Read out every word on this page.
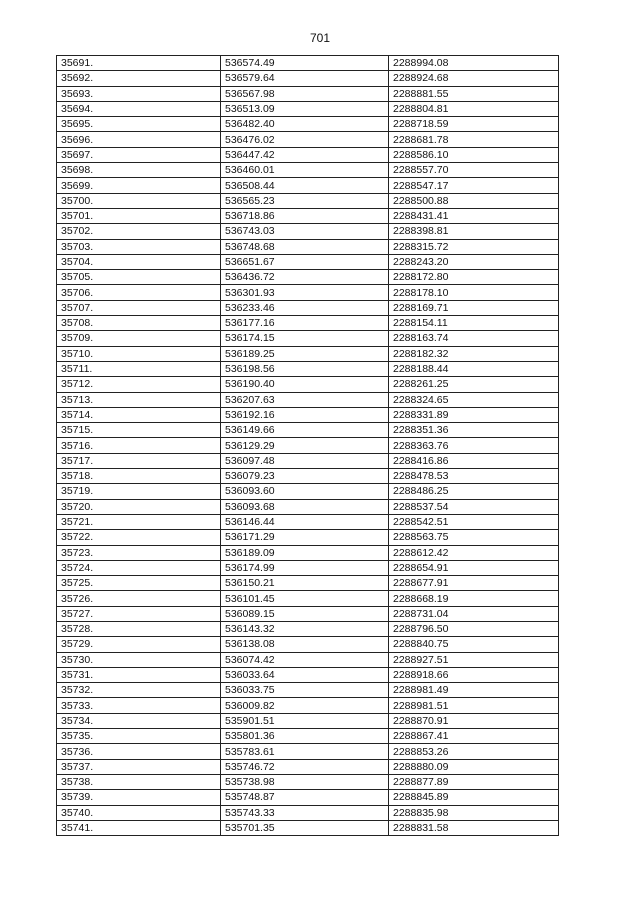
701
35691.	536574.49	2288994.08
35692.	536579.64	2288924.68
35693.	536567.98	2288881.55
35694.	536513.09	2288804.81
35695.	536482.40	2288718.59
35696.	536476.02	2288681.78
35697.	536447.42	2288586.10
35698.	536460.01	2288557.70
35699.	536508.44	2288547.17
35700.	536565.23	2288500.88
35701.	536718.86	2288431.41
35702.	536743.03	2288398.81
35703.	536748.68	2288315.72
35704.	536651.67	2288243.20
35705.	536436.72	2288172.80
35706.	536301.93	2288178.10
35707.	536233.46	2288169.71
35708.	536177.16	2288154.11
35709.	536174.15	2288163.74
35710.	536189.25	2288182.32
35711.	536198.56	2288188.44
35712.	536190.40	2288261.25
35713.	536207.63	2288324.65
35714.	536192.16	2288331.89
35715.	536149.66	2288351.36
35716.	536129.29	2288363.76
35717.	536097.48	2288416.86
35718.	536079.23	2288478.53
35719.	536093.60	2288486.25
35720.	536093.68	2288537.54
35721.	536146.44	2288542.51
35722.	536171.29	2288563.75
35723.	536189.09	2288612.42
35724.	536174.99	2288654.91
35725.	536150.21	2288677.91
35726.	536101.45	2288668.19
35727.	536089.15	2288731.04
35728.	536143.32	2288796.50
35729.	536138.08	2288840.75
35730.	536074.42	2288927.51
35731.	536033.64	2288918.66
35732.	536033.75	2288981.49
35733.	536009.82	2288981.51
35734.	535901.51	2288870.91
35735.	535801.36	2288867.41
35736.	535783.61	2288853.26
35737.	535746.72	2288880.09
35738.	535738.98	2288877.89
35739.	535748.87	2288845.89
35740.	535743.33	2288835.98
35741.	535701.35	2288831.58
